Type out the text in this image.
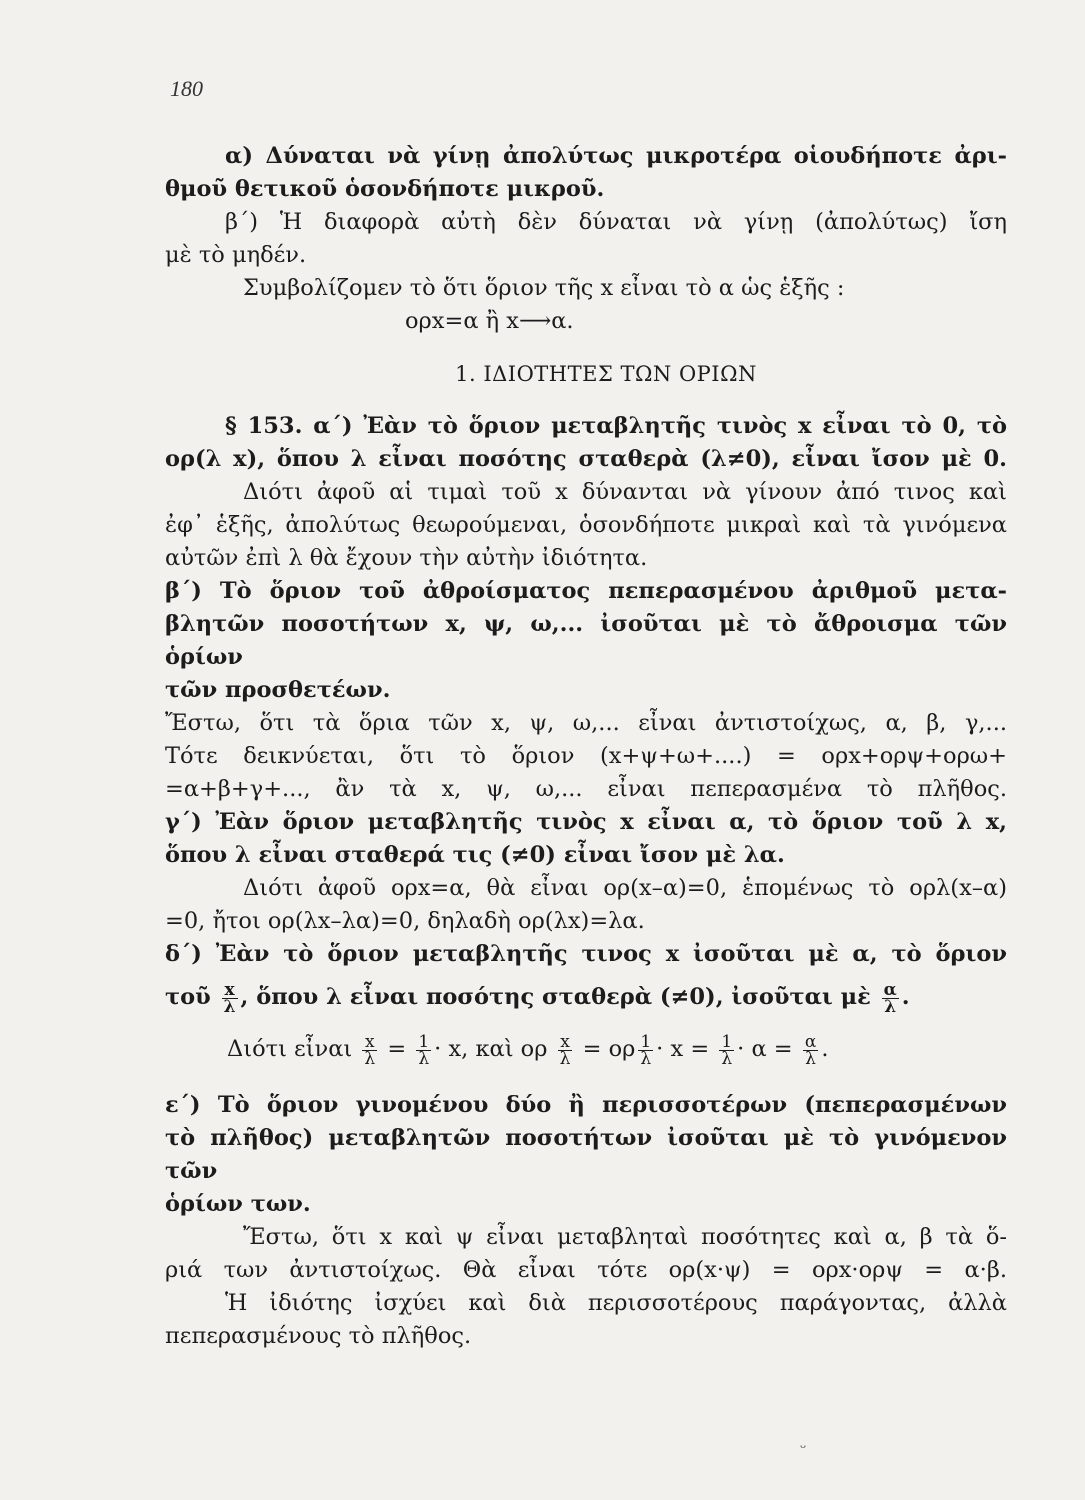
180

α) Δύναται νὰ γίνῃ ἀπολύτως μικροτέρα οἱουδήποτε ἀρι-

θμοῦ θετικοῦ ὁσονδήποτε μικροῦ.

β΄) Ἡ διαφορὰ αὐτὴ δὲν δύναται νὰ γίνῃ (ἀπολύτως) ἴση

μὲ τὸ μηδέν.

Συμβολίζομεν τὸ ὅτι ὅριον τῆς x εἶναι τὸ α ὡς ἑξῆς :

ορx=α ἢ x⟶α.

1. ΙΔΙΟΤΗΤΕΣ ΤΩΝ ΟΡΙΩΝ

§ 153. α΄) Ἐὰν τὸ ὅριον μεταβλητῆς τινὸς x εἶναι τὸ 0, τὸ

ορ(λ x), ὅπου λ εἶναι ποσότης σταθερὰ (λ≠0), εἶναι ἴσον μὲ 0.

Διότι ἀφοῦ αἱ τιμαὶ τοῦ x δύνανται νὰ γίνουν ἀπό τινος καὶ

ἐφ᾽ ἑξῆς, ἀπολύτως θεωρούμεναι, ὁσονδήποτε μικραὶ καὶ τὰ γινόμενα

αὐτῶν ἐπὶ λ θὰ ἔχουν τὴν αὐτὴν ἰδιότητα.

β΄) Τὸ ὅριον τοῦ ἀθροίσματος πεπερασμένου ἀριθμοῦ μετα-

βλητῶν ποσοτήτων x, ψ, ω,... ἰσοῦται μὲ τὸ ἄθροισμα τῶν ὁρίων

τῶν προσθετέων.

Ἔστω, ὅτι τὰ ὅρια τῶν x, ψ, ω,... εἶναι ἀντιστοίχως, α, β, γ,...

Τότε δεικνύεται, ὅτι τὸ ὅριον (x+ψ+ω+....) = ορx+ορψ+ορω+

=α+β+γ+..., ἂν τὰ x, ψ, ω,... εἶναι πεπερασμένα τὸ πλῆθος.

γ΄) Ἐὰν ὅριον μεταβλητῆς τινὸς x εἶναι α, τὸ ὅριον τοῦ λ x,

ὅπου λ εἶναι σταθερά τις (≠0) εἶναι ἴσον μὲ λα.

Διότι ἀφοῦ ορx=α, θὰ εἶναι ορ(x–α)=0, ἑπομένως τὸ ορλ(x–α)

=0, ἤτοι ορ(λx–λα)=0, δηλαδὴ ορ(λx)=λα.

δ΄) Ἐὰν τὸ ὅριον μεταβλητῆς τινος x ἰσοῦται μὲ α, τὸ ὅριον

τοῦ $\frac{x}{\lambda}$ , ὅπου λ εἶναι ποσότης σταθερὰ (≠0), ἰσοῦται μὲ $\frac{\alpha}{\lambda}$ .

Διότι εἶναι $\frac{x}{\lambda} = \frac{1}{\lambda} \cdot x$, καὶ ορ $\frac{x}{\lambda} = o\rho \frac{1}{\lambda} \cdot x = \frac{1}{\lambda} \cdot \alpha = \frac{\alpha}{\lambda}$ .

ε΄) Τὸ ὅριον γινομένου δύο ἢ περισσοτέρων (πεπερασμένων

τὸ πλῆθος) μεταβλητῶν ποσοτήτων ἰσοῦται μὲ τὸ γινόμενον τῶν

ὁρίων των.

Ἔστω, ὅτι x καὶ ψ εἶναι μεταβληταὶ ποσότητες καὶ α, β τὰ ὅ-

ριά των ἀντιστοίχως. Θὰ εἶναι τότε ορ(x·ψ) = ορx·ορψ = α·β.

Ἡ ἰδιότης ἰσχύει καὶ διὰ περισσοτέρους παράγοντας, ἀλλὰ

πεπερασμένους τὸ πλῆθος.

ᵕ
